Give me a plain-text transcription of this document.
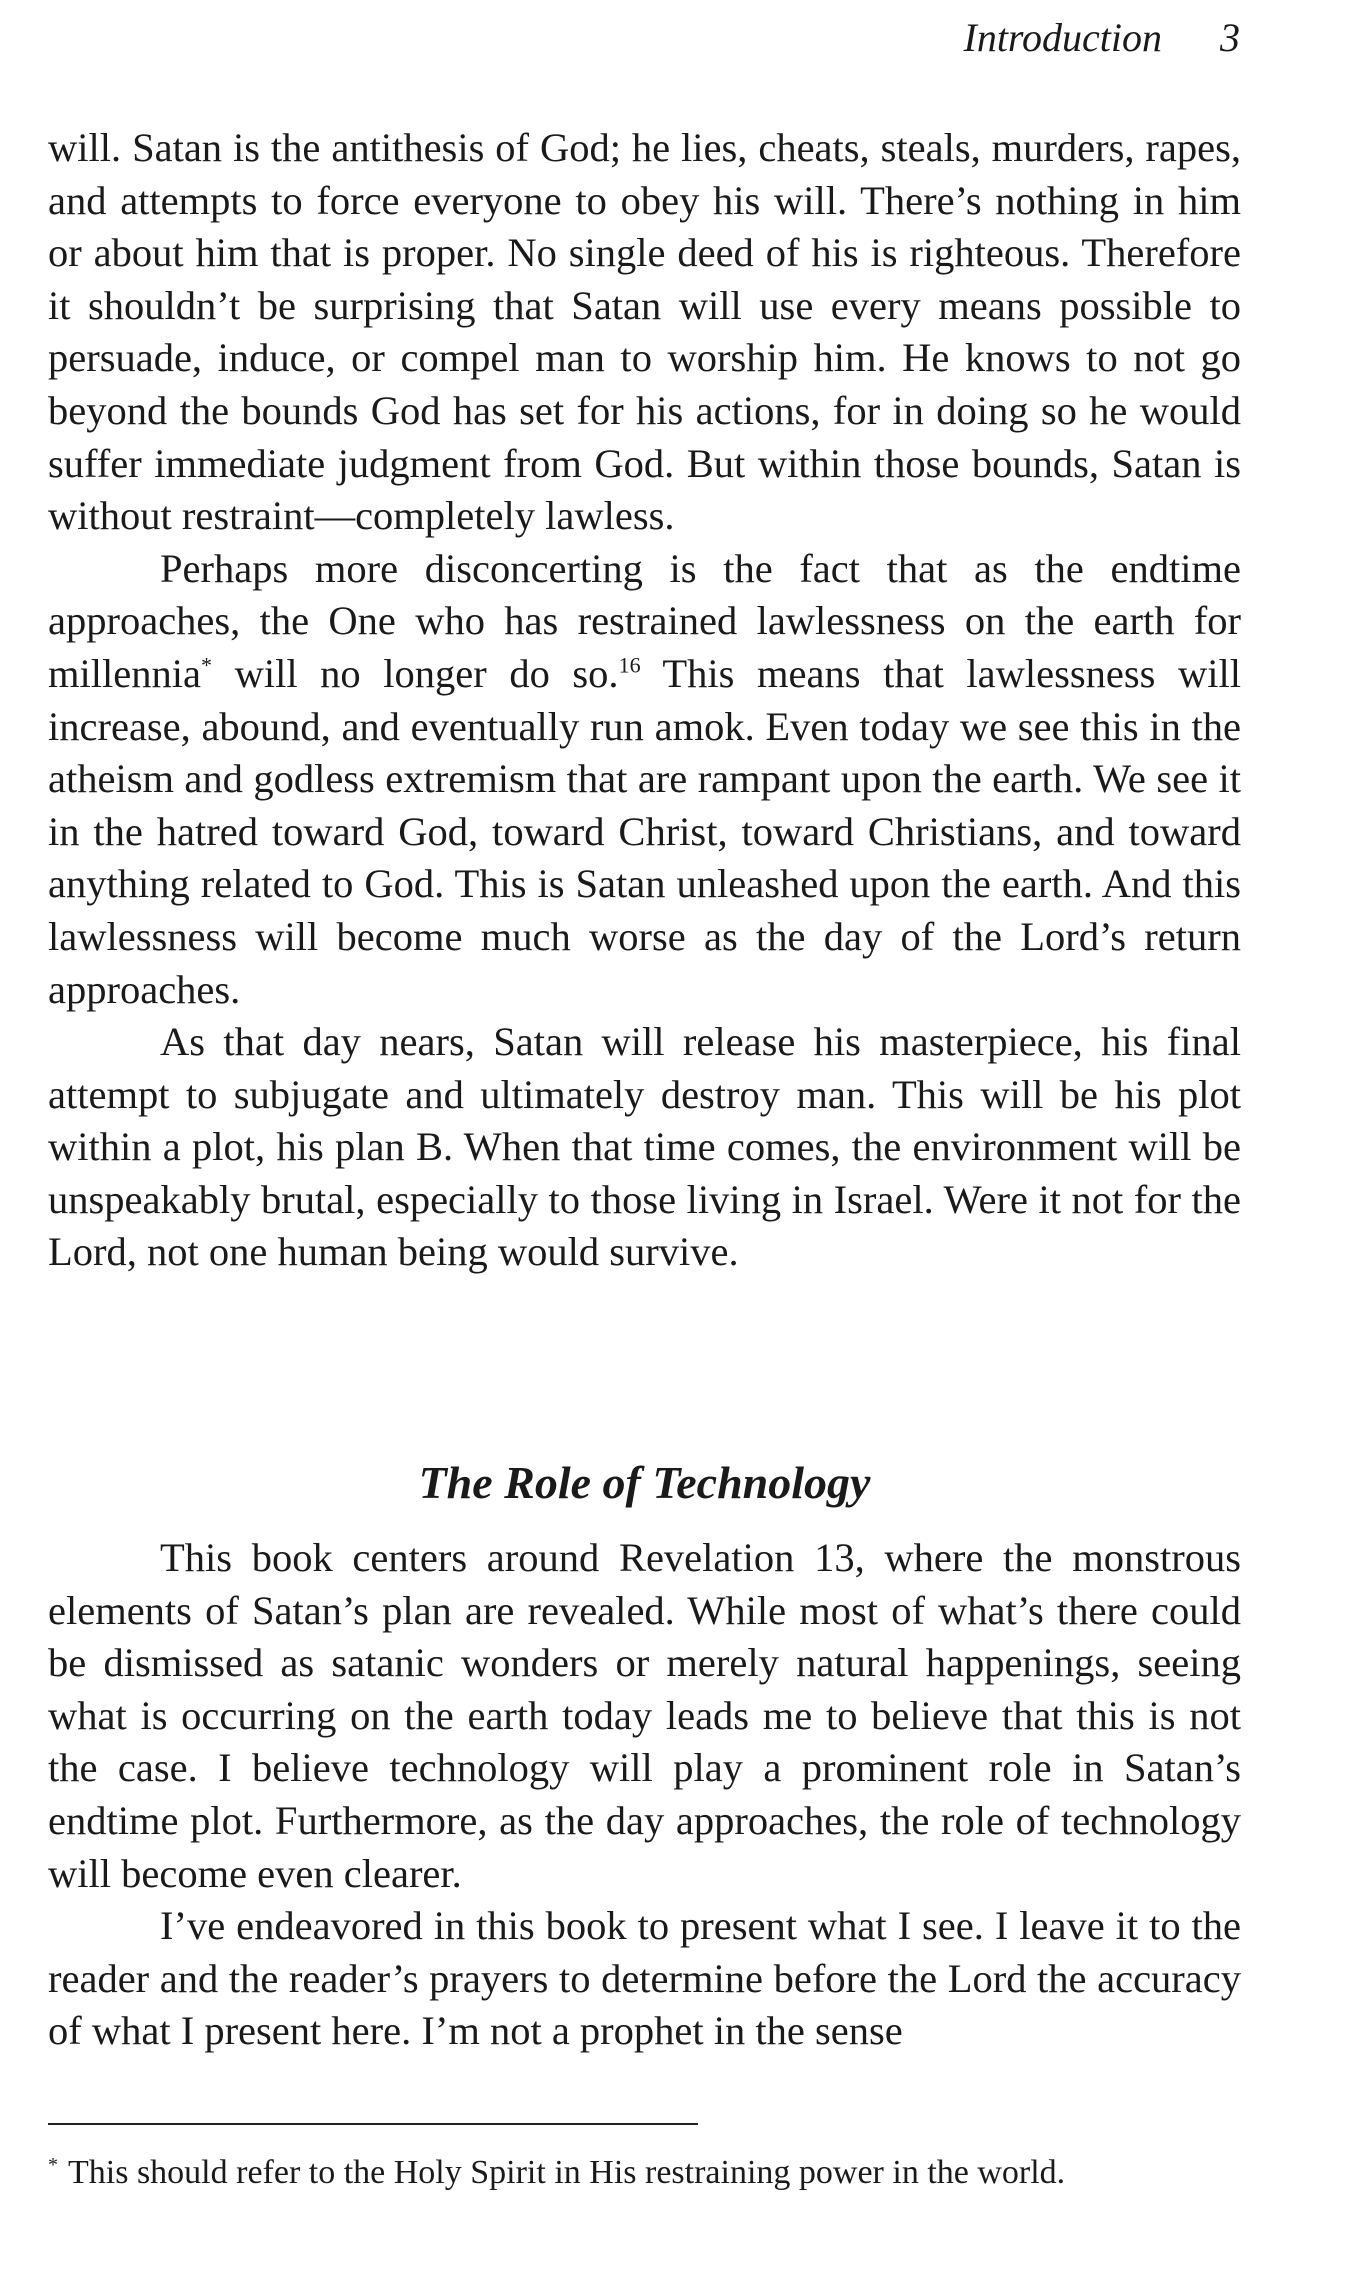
Introduction 3

will. Satan is the antithesis of God; he lies, cheats, steals, murders, rapes, and attempts to force everyone to obey his will. There’s nothing in him or about him that is proper. No single deed of his is righteous. Therefore it shouldn’t be surprising that Satan will use every means possible to persuade, induce, or compel man to worship him. He knows to not go beyond the bounds God has set for his actions, for in doing so he would suffer immediate judgment from God. But within those bounds, Satan is without restraint—completely lawless.

Perhaps more disconcerting is the fact that as the endtime approaches, the One who has restrained lawlessness on the earth for millennia* will no longer do so.$^{16}$ This means that lawlessness will increase, abound, and eventually run amok. Even today we see this in the atheism and godless extremism that are rampant upon the earth. We see it in the hatred toward God, toward Christ, toward Christians, and toward anything related to God. This is Satan unleashed upon the earth. And this lawlessness will become much worse as the day of the Lord’s return approaches.

As that day nears, Satan will release his masterpiece, his final attempt to subjugate and ultimately destroy man. This will be his plot within a plot, his plan B. When that time comes, the environment will be unspeakably brutal, especially to those living in Israel. Were it not for the Lord, not one human being would survive.

The Role of Technology

This book centers around Revelation 13, where the monstrous elements of Satan’s plan are revealed. While most of what’s there could be dismissed as satanic wonders or merely natural happenings, seeing what is occurring on the earth today leads me to believe that this is not the case. I believe technology will play a prominent role in Satan’s endtime plot. Furthermore, as the day approaches, the role of technology will become even clearer.

I’ve endeavored in this book to present what I see. I leave it to the reader and the reader’s prayers to determine before the Lord the accuracy of what I present here. I’m not a prophet in the sense

* This should refer to the Holy Spirit in His restraining power in the world.
